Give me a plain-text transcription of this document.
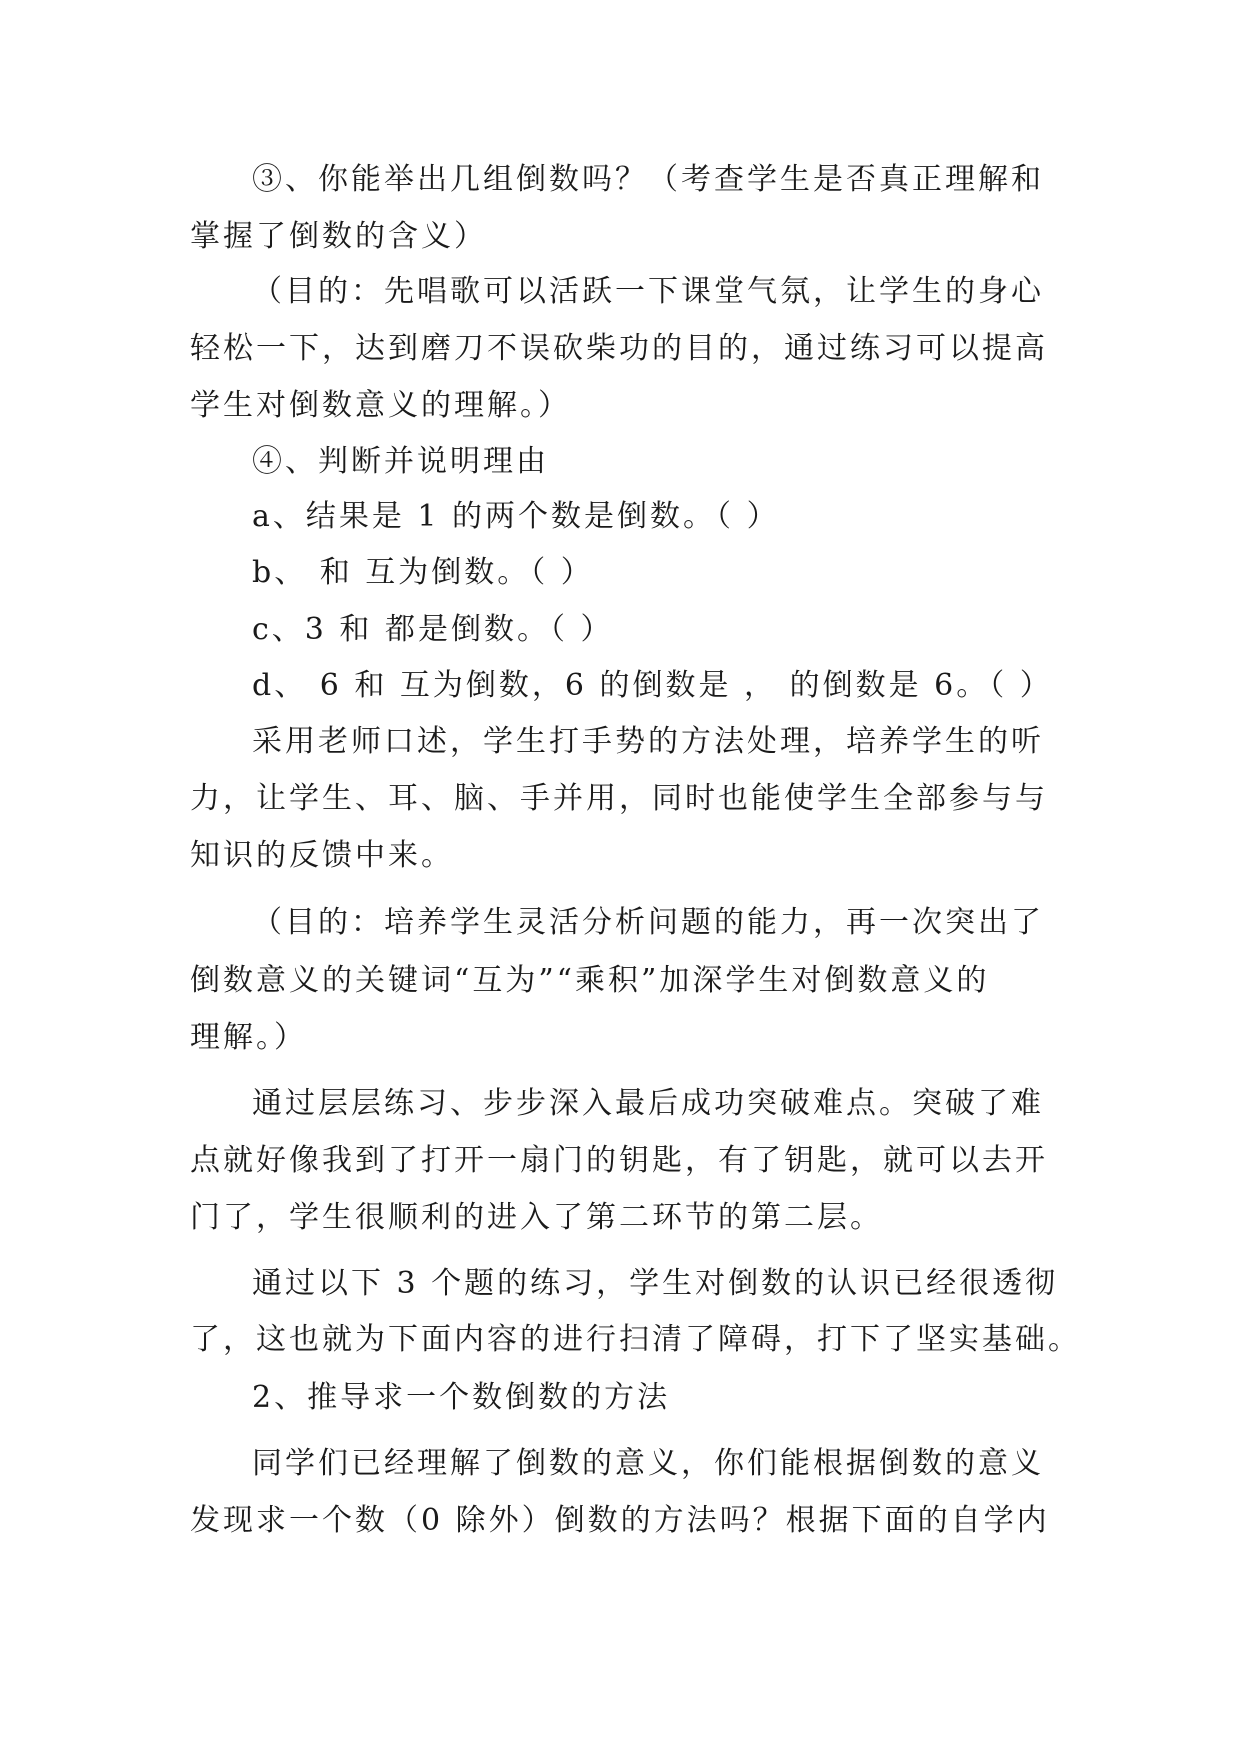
③、你能举出几组倒数吗？（考查学生是否真正理解和
掌握了倒数的含义）
（目的：先唱歌可以活跃一下课堂气氛，让学生的身心
轻松一下，达到磨刀不误砍柴功的目的，通过练习可以提高
学生对倒数意义的理解。）
④、判断并说明理由
a、结果是 1 的两个数是倒数。（ ）
b、 和 互为倒数。（ ）
c、3 和 都是倒数。（ ）
d、 6 和 互为倒数，6 的倒数是 ， 的倒数是 6。（ ）
采用老师口述，学生打手势的方法处理，培养学生的听
力，让学生、耳、脑、手并用，同时也能使学生全部参与与
知识的反馈中来。
（目的：培养学生灵活分析问题的能力，再一次突出了
倒数意义的关键词“互为”“乘积”加深学生对倒数意义的
理解。）
通过层层练习、步步深入最后成功突破难点。突破了难
点就好像我到了打开一扇门的钥匙，有了钥匙，就可以去开
门了，学生很顺利的进入了第二环节的第二层。
通过以下 3 个题的练习，学生对倒数的认识已经很透彻
了，这也就为下面内容的进行扫清了障碍，打下了坚实基础。
2、推导求一个数倒数的方法
同学们已经理解了倒数的意义，你们能根据倒数的意义
发现求一个数（0 除外）倒数的方法吗？根据下面的自学内
